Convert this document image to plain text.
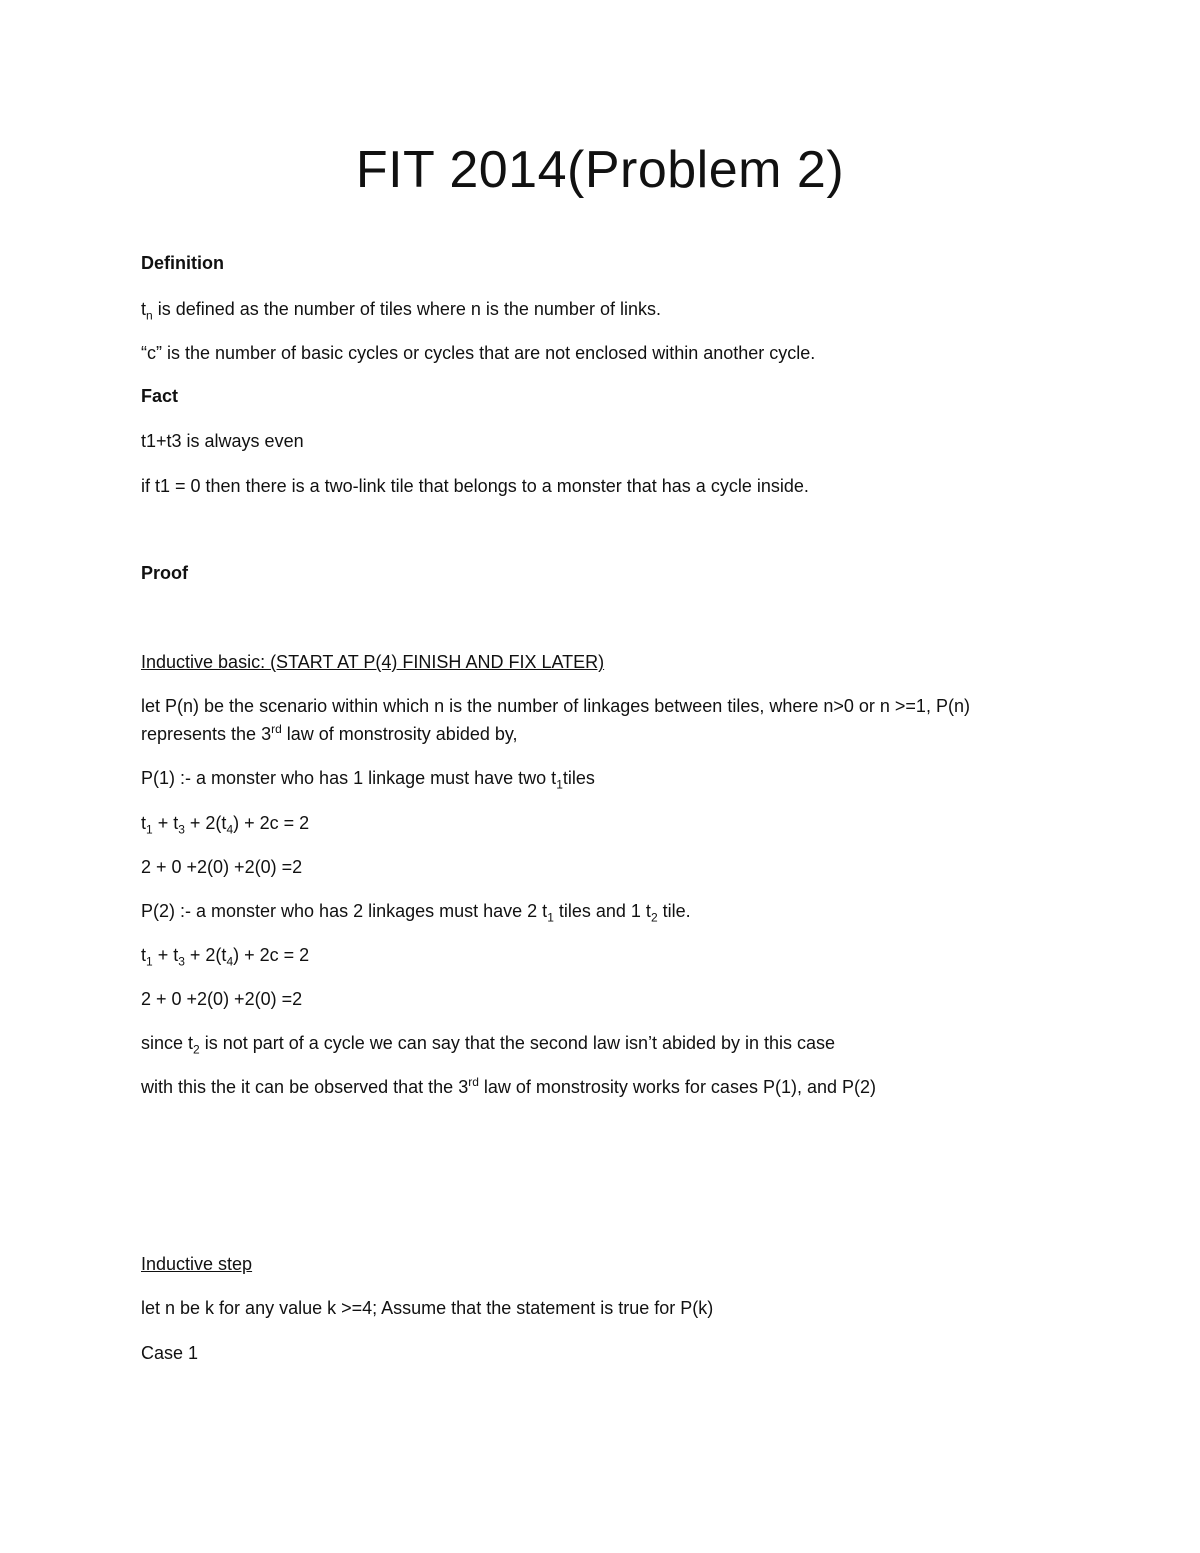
FIT 2014(Problem 2)
Definition
$t_n$ is defined as the number of tiles where n is the number of links.
“c” is the number of basic cycles or cycles that are not enclosed within another cycle.
Fact
t1+t3 is always even
if t1 = 0 then there is a two-link tile that belongs to a monster that has a cycle inside.
Proof
Inductive basic: (START AT P(4) FINISH AND FIX LATER)
let P(n) be the scenario within which n is the number of linkages between tiles, where n>0 or n >=1, P(n)
represents the 3rd law of monstrosity abided by,
P(1) :- a monster who has 1 linkage must have two $t_1tiles$
$t_1 + t_3 + 2(t_4) + 2c = 2$
2 + 0 +2(0) +2(0) =2
P(2) :- a monster who has 2 linkages must have 2 $t_1$ tiles and 1 $t_2$ tile.
$t_1 + t_3 + 2(t_4) + 2c = 2$
2 + 0 +2(0) +2(0) =2
since $t_2$ is not part of a cycle we can say that the second law isn’t abided by in this case
with this the it can be observed that the 3rd law of monstrosity works for cases P(1), and P(2)
Inductive step
let n be k for any value k >=4; Assume that the statement is true for P(k)
Case 1
